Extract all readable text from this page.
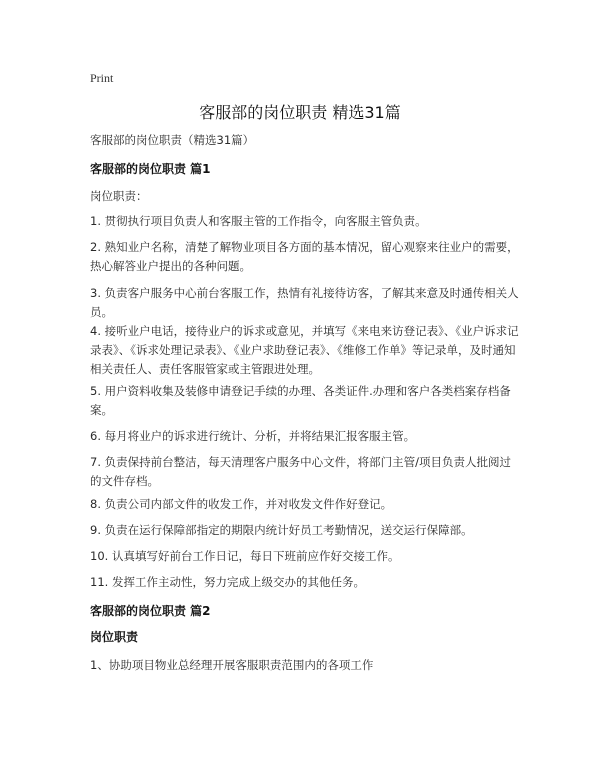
Print
客服部的岗位职责 精选31篇
客服部的岗位职责（精选31篇）
客服部的岗位职责 篇1
岗位职责：

1. 贯彻执行项目负责人和客服主管的工作指令，向客服主管负责。

2. 熟知业户名称，清楚了解物业项目各方面的基本情况，留心观察来往业户的需要，热心解答业户提出的各种问题。

3. 负责客户服务中心前台客服工作，热情有礼接待访客，了解其来意及时通传相关人员。

4. 接听业户电话，接待业户的诉求或意见，并填写《来电来访登记表》、《业户诉求记录表》、《诉求处理记录表》、《业户求助登记表》、《维修工作单》等记录单，及时通知相关责任人、责任客服管家或主管跟进处理。

5. 用户资料收集及装修申请登记手续的办理、各类证件.办理和客户各类档案存档备案。

6. 每月将业户的诉求进行统计、分析，并将结果汇报客服主管。

7. 负责保持前台整洁，每天清理客户服务中心文件，将部门主管/项目负责人批阅过的文件存档。

8. 负责公司内部文件的收发工作，并对收发文件作好登记。

9. 负责在运行保障部指定的期限内统计好员工考勤情况，送交运行保障部。

10. 认真填写好前台工作日记，每日下班前应作好交接工作。

11. 发挥工作主动性，努力完成上级交办的其他任务。

客服部的岗位职责 篇2
岗位职责

1、协助项目物业总经理开展客服职责范围内的各项工作
